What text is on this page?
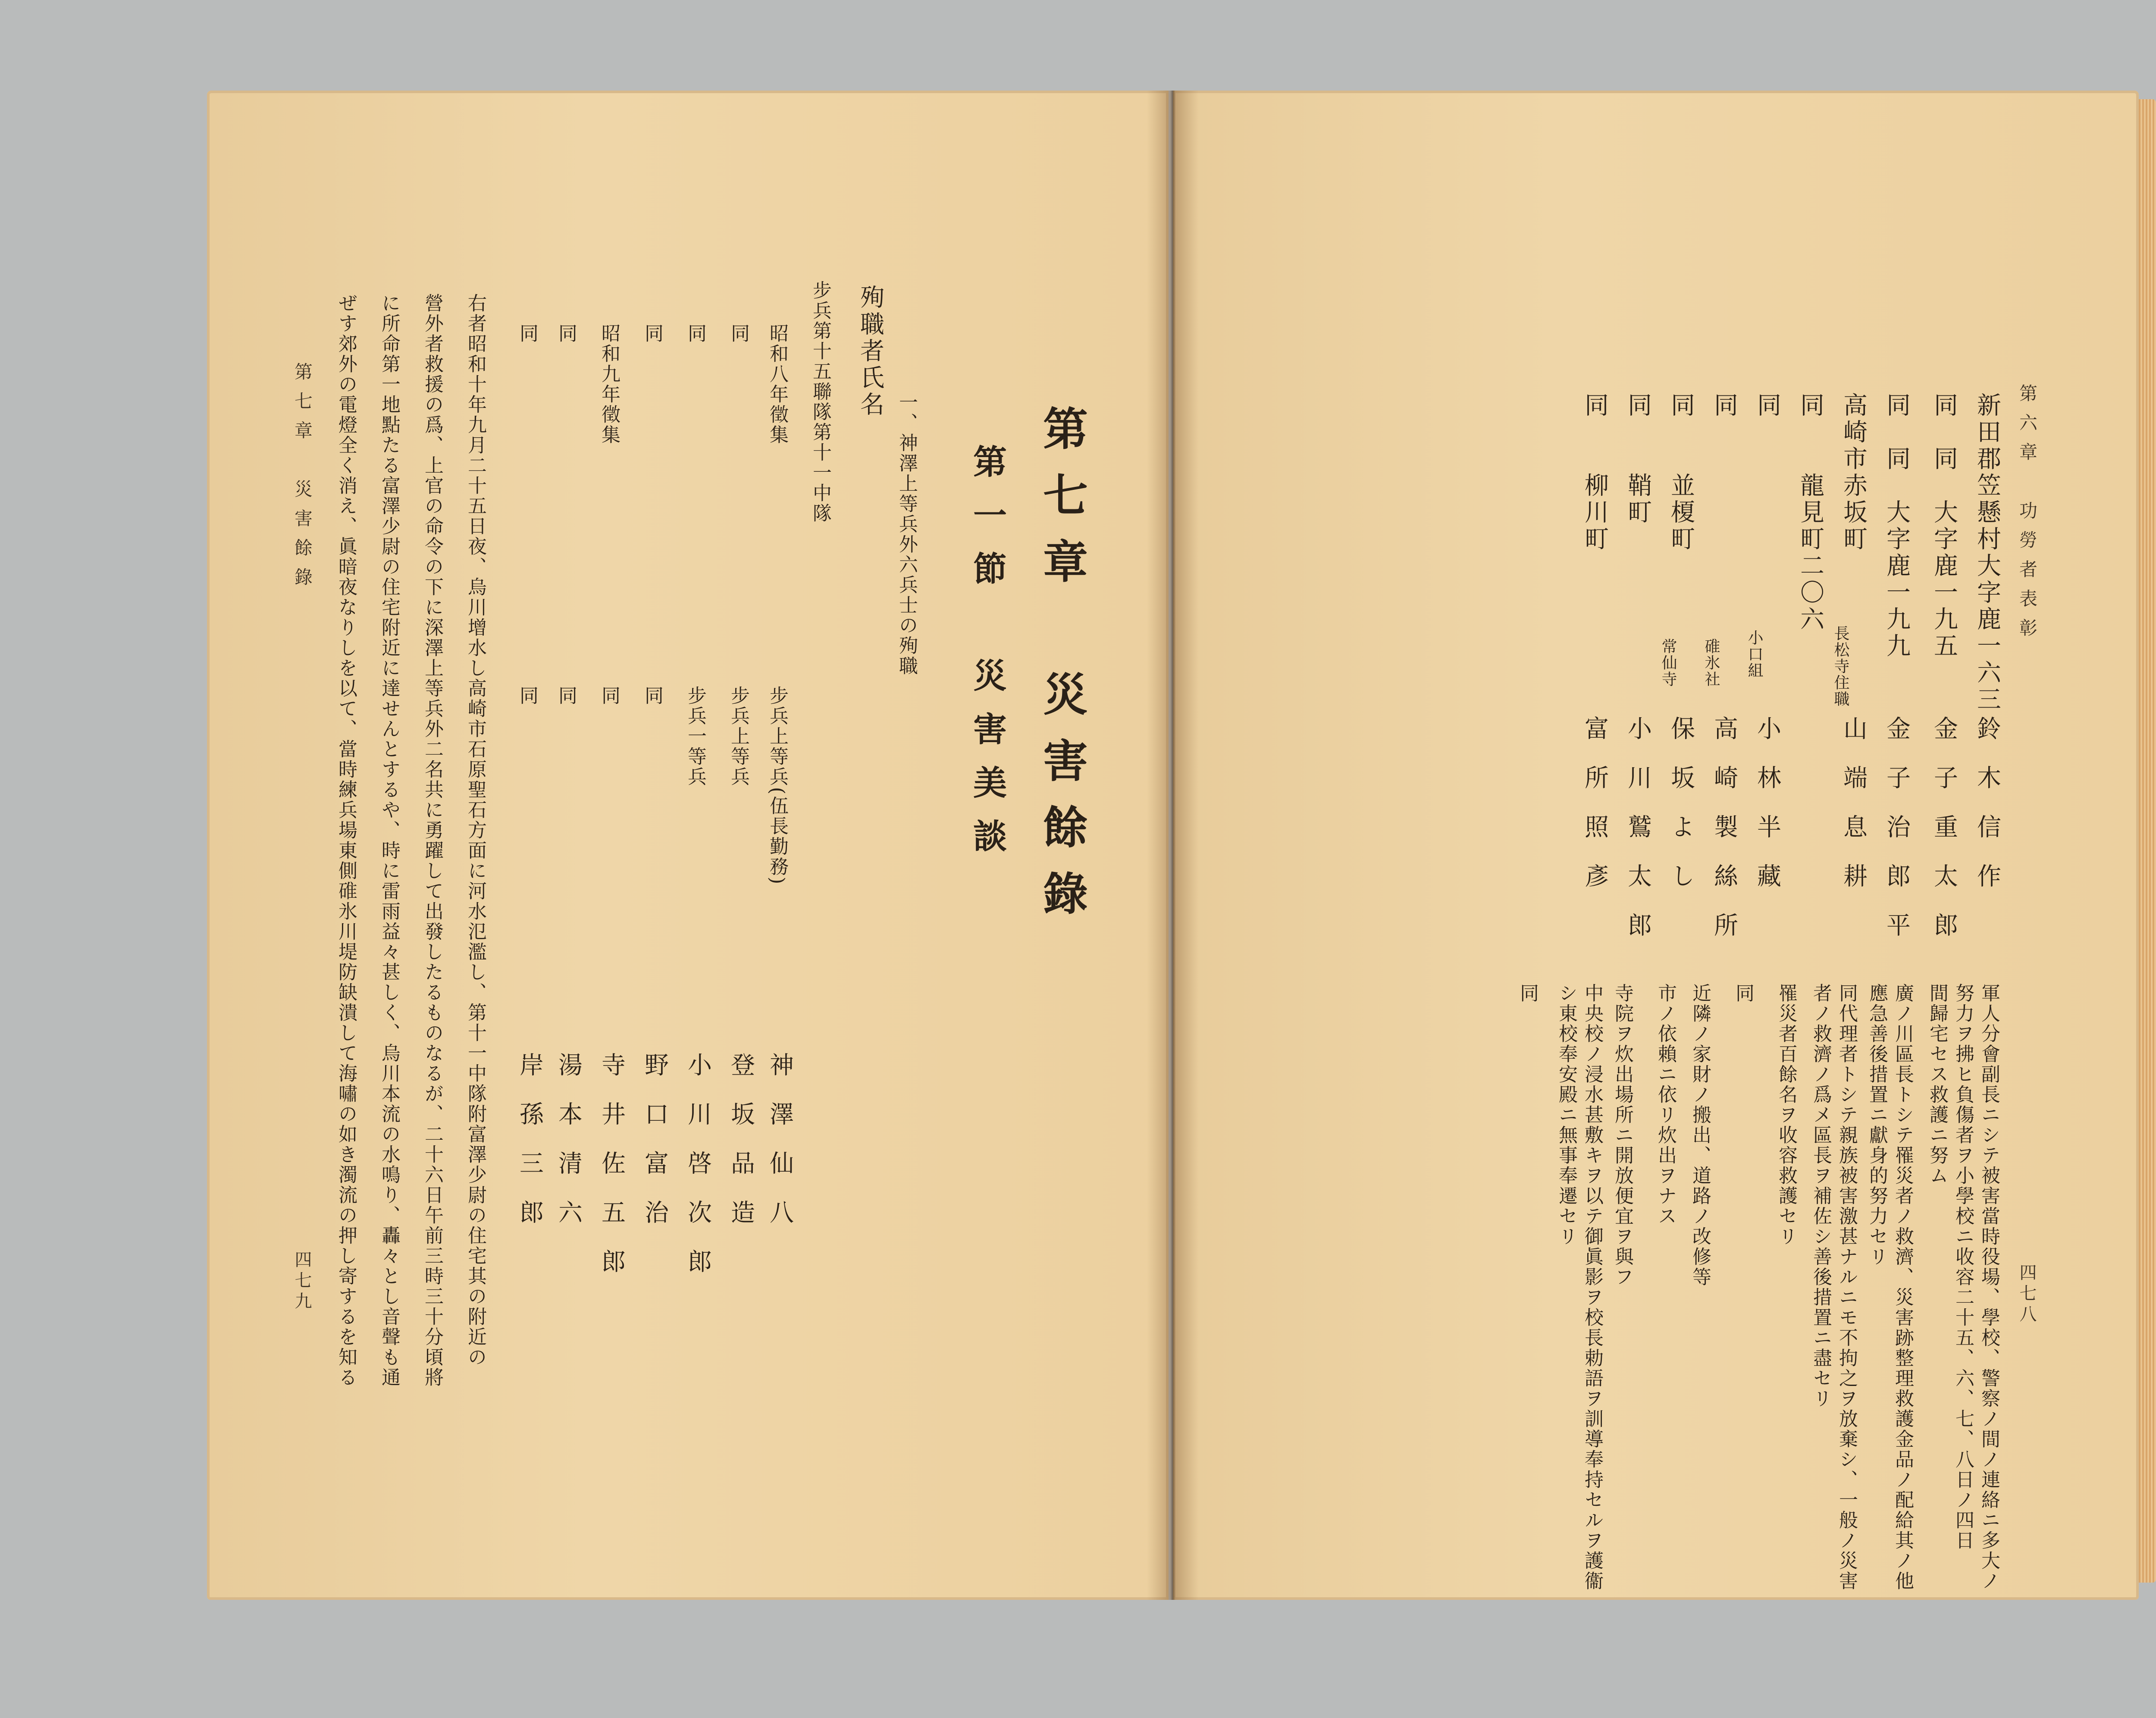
第六章　功勞者表彰
四七八
新田郡笠懸村大字鹿一六三
鈴木信作
同　同　大字鹿一九五
金子重太郎
同　同　大字鹿一九九
金子治郎平
高崎市赤坂町
長松寺住職
山端息耕
同　　龍見町二〇六
同
小口組
小林半藏
同
碓氷社
高崎製絲所
同　　並榎町
常仙寺
保坂よし
同　　鞘町
小川鷲太郎
同　　柳川町
富所照彥
軍人分會副長ニシテ被害當時役場、學校、警察ノ間ノ連絡ニ多大ノ
努力ヲ拂ヒ負傷者ヲ小學校ニ收容二十五、六、七、八日ノ四日
間歸宅セス救護ニ努ム
廣ノ川區長トシテ罹災者ノ救濟、災害跡整理救護金品ノ配給其ノ他
應急善後措置ニ獻身的努力セリ
同代理者トシテ親族被害激甚ナルニモ不拘之ヲ放棄シ、一般ノ災害
者ノ救濟ノ爲メ區長ヲ補佐シ善後措置ニ盡セリ
罹災者百餘名ヲ收容救護セリ
同
近隣ノ家財ノ搬出、道路ノ改修等
市ノ依賴ニ依リ炊出ヲナス
寺院ヲ炊出場所ニ開放便宜ヲ與フ
中央校ノ浸水甚敷キヲ以テ御眞影ヲ校長勅語ヲ訓導奉持セルヲ護衞
シ東校奉安殿ニ無事奉遷セリ
同
第七章　災害餘錄
第一節　災害美談
一、神澤上等兵外六兵士の殉職
殉職者氏名
步兵第十五聯隊第十一中隊
昭和八年徵集
步兵上等兵(伍長勤務)
神澤仙八
同
步兵上等兵
登坂品造
同
步兵一等兵
小川啓次郎
同
同
野口富治
昭和九年徵集
同
寺井佐五郎
同
同
湯本清六
同
同
岸孫三郎
右者昭和十年九月二十五日夜、烏川增水し高崎市石原聖石方面に河水氾濫し、第十一中隊附富澤少尉の住宅其の附近の
營外者救援の爲、上官の命令の下に深澤上等兵外二名共に勇躍して出發したるものなるが、二十六日午前三時三十分頃將
に所命第一地點たる富澤少尉の住宅附近に達せんとするや、時に雷雨益々甚しく、烏川本流の水鳴り、轟々とし音聲も通
ぜす郊外の電燈全く消え、眞暗夜なりしを以て、當時練兵場東側碓氷川堤防缺潰して海嘯の如き濁流の押し寄するを知る
第七章　災害餘錄
四七九
